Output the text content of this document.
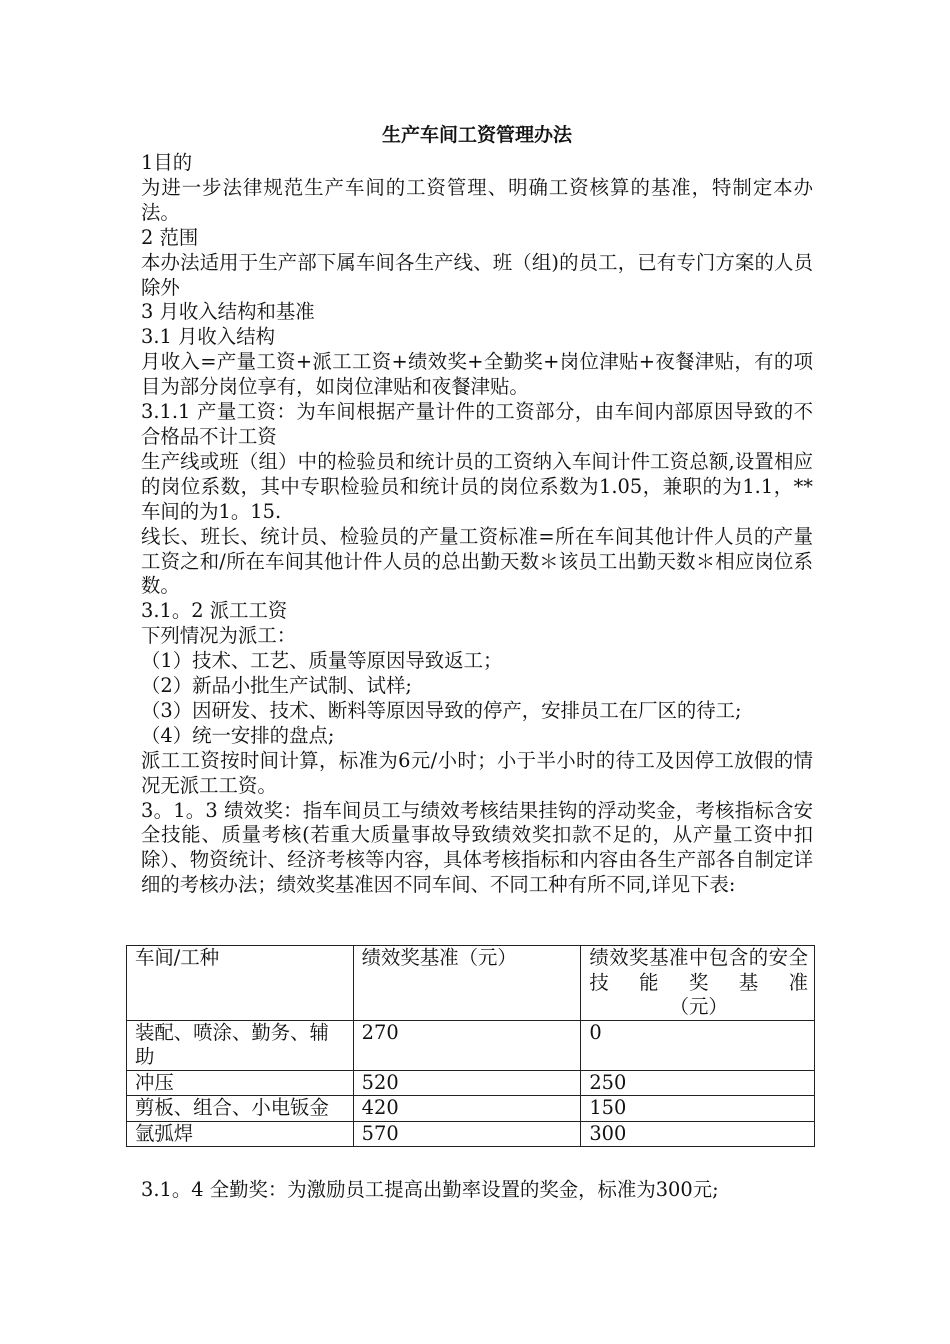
生产车间工资管理办法
1目的
为进一步法律规范生产车间的工资管理、明确工资核算的基准，特制定本办法。
2 范围
本办法适用于生产部下属车间各生产线、班（组)的员工，已有专门方案的人员除外
3 月收入结构和基准
3.1 月收入结构
月收入=产量工资+派工工资+绩效奖+全勤奖+岗位津贴+夜餐津贴，有的项目为部分岗位享有，如岗位津贴和夜餐津贴。
3.1.1 产量工资：为车间根据产量计件的工资部分，由车间内部原因导致的不合格品不计工资
生产线或班（组）中的检验员和统计员的工资纳入车间计件工资总额,设置相应的岗位系数，其中专职检验员和统计员的岗位系数为1.05，兼职的为1.1，**车间的为1。15.
线长、班长、统计员、检验员的产量工资标准=所在车间其他计件人员的产量工资之和/所在车间其他计件人员的总出勤天数＊该员工出勤天数＊相应岗位系数。
3.1。2 派工工资
下列情况为派工：
（1）技术、工艺、质量等原因导致返工；
（2）新品小批生产试制、试样;
（3）因研发、技术、断料等原因导致的停产，安排员工在厂区的待工;
（4）统一安排的盘点;
派工工资按时间计算，标准为6元/小时；小于半小时的待工及因停工放假的情况无派工工资。
3。1。3 绩效奖：指车间员工与绩效考核结果挂钩的浮动奖金，考核指标含安全技能、质量考核(若重大质量事故导致绩效奖扣款不足的，从产量工资中扣除）、物资统计、经济考核等内容，具体考核指标和内容由各生产部各自制定详细的考核办法；绩效奖基准因不同车间、不同工种有所不同,详见下表:
车间/工种	绩效奖基准（元）	绩效奖基准中包含的安全技能奖基准
（元）

装配、喷涂、勤务、辅助	270	0
冲压	520	250
剪板、组合、小电钣金	420	150
氩弧焊	570	300
3.1。4 全勤奖：为激励员工提高出勤率设置的奖金，标准为300元;
